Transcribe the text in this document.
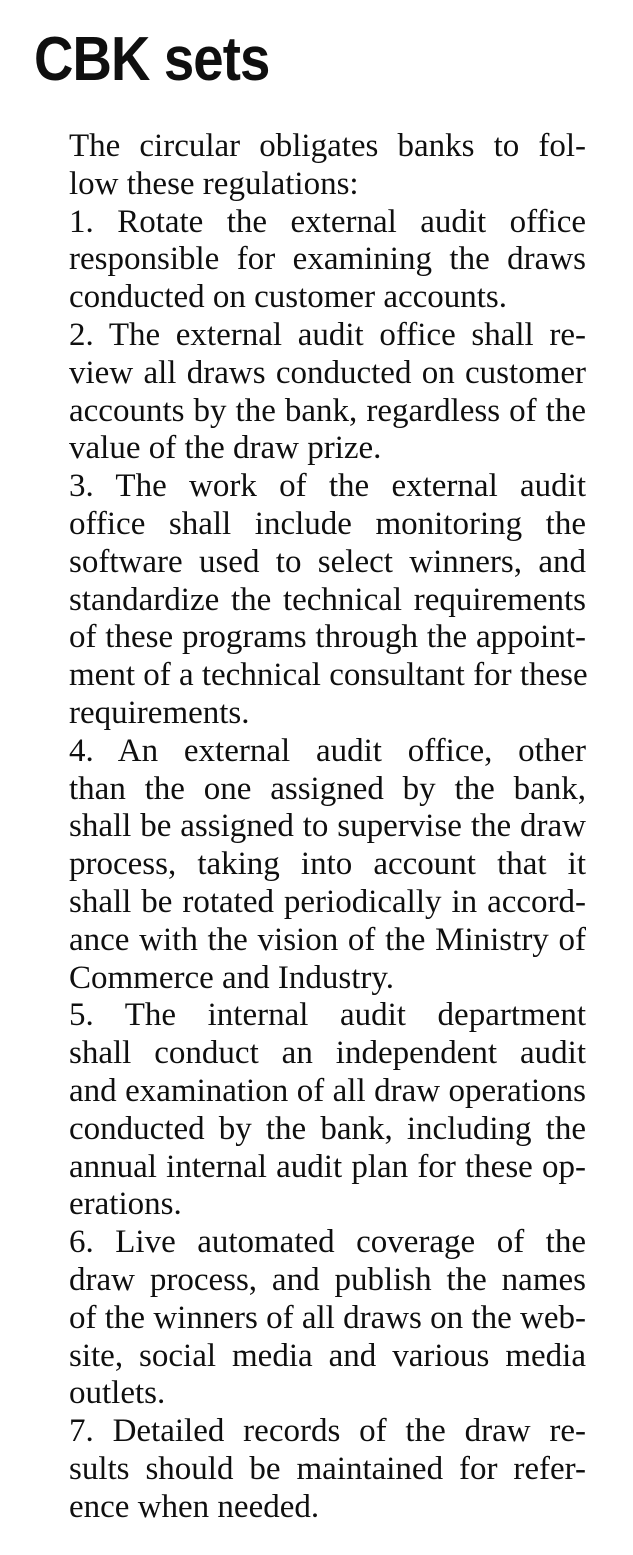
CBK sets

The circular obligates banks to fol-
low these regulations:

1. Rotate the external audit office
responsible for examining the draws
conducted on customer accounts.

2. The external audit office shall re-
view all draws conducted on customer
accounts by the bank, regardless of the
value of the draw prize.

3. The work of the external audit
office shall include monitoring the
software used to select winners, and
standardize the technical requirements
of these programs through the appoint-
ment of a technical consultant for these
requirements.

4. An external audit office, other
than the one assigned by the bank,
shall be assigned to supervise the draw
process, taking into account that it
shall be rotated periodically in accord-
ance with the vision of the Ministry of
Commerce and Industry.

5. The internal audit department
shall conduct an independent audit
and examination of all draw operations
conducted by the bank, including the
annual internal audit plan for these op-
erations.

6. Live automated coverage of the
draw process, and publish the names
of the winners of all draws on the web-
site, social media and various media
outlets.

7. Detailed records of the draw re-
sults should be maintained for refer-
ence when needed.
